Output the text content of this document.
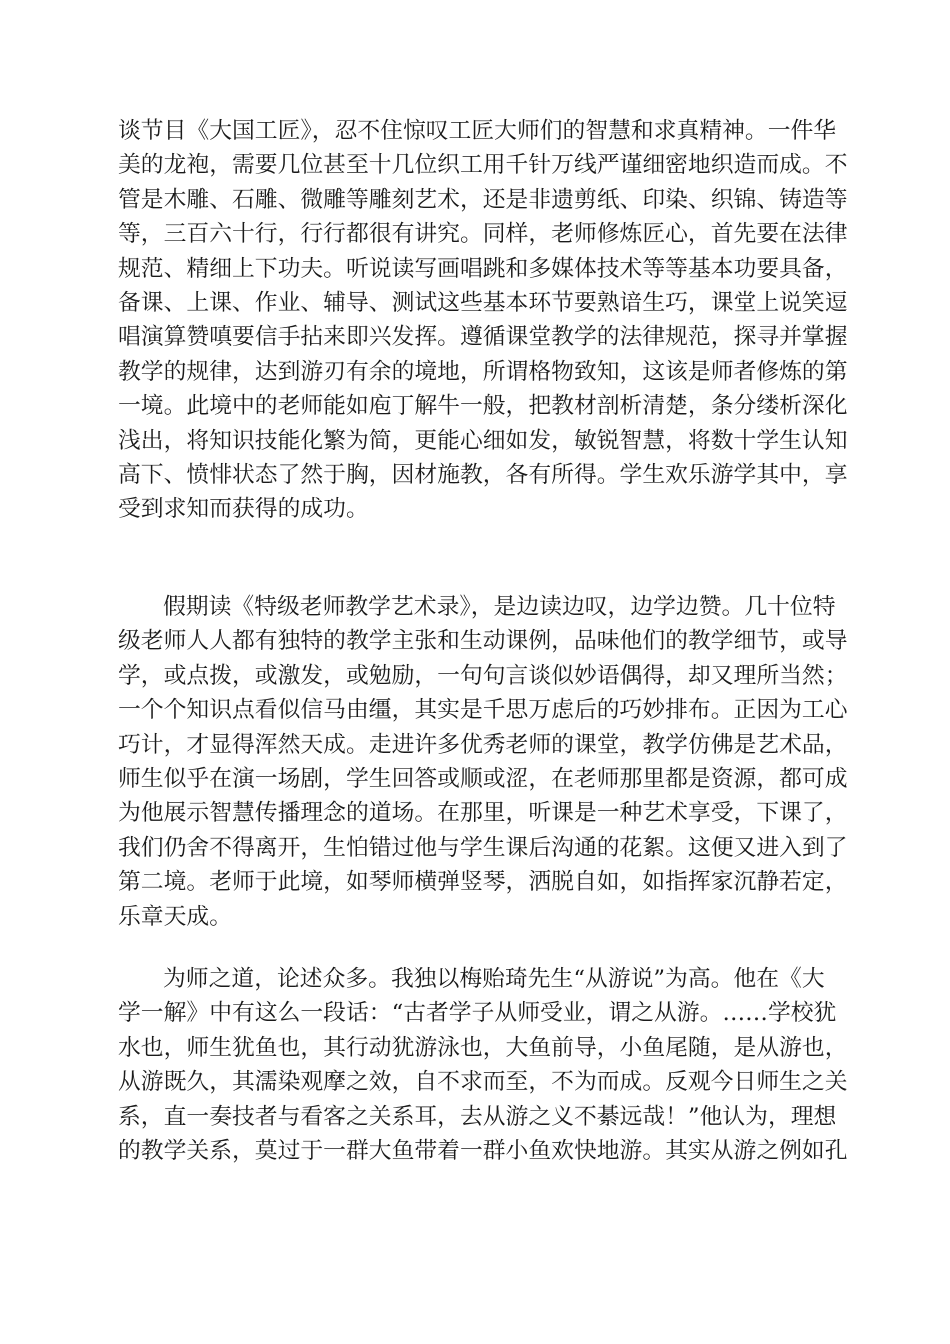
谈节目《大国工匠》，忍不住惊叹工匠大师们的智慧和求真精神。一件华
美的龙袍，需要几位甚至十几位织工用千针万线严谨细密地织造而成。不
管是木雕、石雕、微雕等雕刻艺术，还是非遗剪纸、印染、织锦、铸造等
等，三百六十行，行行都很有讲究。同样，老师修炼匠心，首先要在法律
规范、精细上下功夫。听说读写画唱跳和多媒体技术等等基本功要具备，
备课、上课、作业、辅导、测试这些基本环节要熟谙生巧，课堂上说笑逗
唱演算赞嗔要信手拈来即兴发挥。遵循课堂教学的法律规范，探寻并掌握
教学的规律，达到游刃有余的境地，所谓格物致知，这该是师者修炼的第
一境。此境中的老师能如庖丁解牛一般，把教材剖析清楚，条分缕析深化
浅出，将知识技能化繁为简，更能心细如发，敏锐智慧，将数十学生认知
高下、愤悱状态了然于胸，因材施教，各有所得。学生欢乐游学其中，享
受到求知而获得的成功。
假期读《特级老师教学艺术录》，是边读边叹，边学边赞。几十位特
级老师人人都有独特的教学主张和生动课例，品味他们的教学细节，或导
学，或点拨，或激发，或勉励，一句句言谈似妙语偶得，却又理所当然；
一个个知识点看似信马由缰，其实是千思万虑后的巧妙排布。正因为工心
巧计，才显得浑然天成。走进许多优秀老师的课堂，教学仿佛是艺术品，
师生似乎在演一场剧，学生回答或顺或涩，在老师那里都是资源，都可成
为他展示智慧传播理念的道场。在那里，听课是一种艺术享受，下课了，
我们仍舍不得离开，生怕错过他与学生课后沟通的花絮。这便又进入到了
第二境。老师于此境，如琴师横弹竖琴，洒脱自如，如指挥家沉静若定，
乐章天成。
为师之道，论述众多。我独以梅贻琦先生“从游说”为高。他在《大
学一解》中有这么一段话：“古者学子从师受业，谓之从游。……学校犹
水也，师生犹鱼也，其行动犹游泳也，大鱼前导，小鱼尾随，是从游也，
从游既久，其濡染观摩之效，自不求而至，不为而成。反观今日师生之关
系，直一奏技者与看客之关系耳，去从游之义不綦远哉！”他认为，理想
的教学关系，莫过于一群大鱼带着一群小鱼欢快地游。其实从游之例如孔
